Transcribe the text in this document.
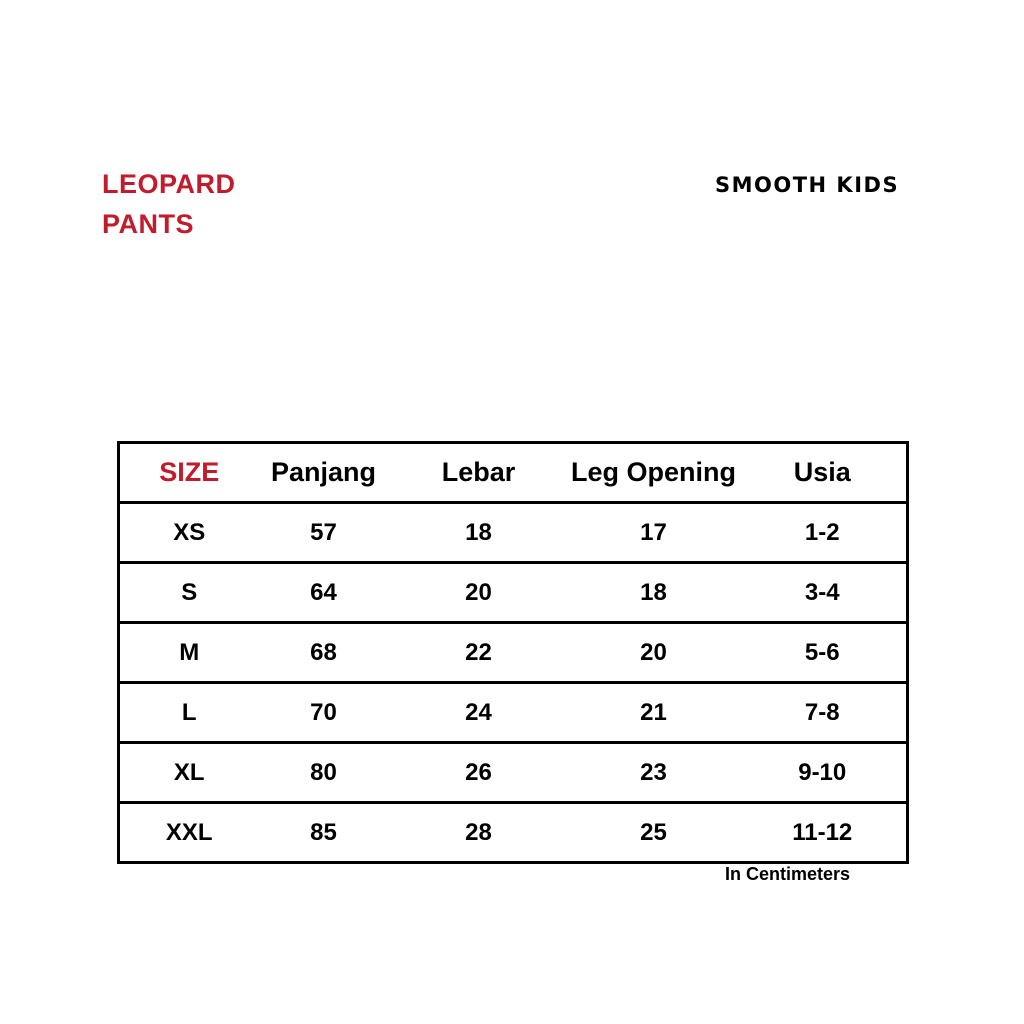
LEOPARD
PANTS
SMOOTH KIDS
SIZE	Panjang	Lebar	Leg Opening	Usia
XS	57	18	17	1-2
S	64	20	18	3-4
M	68	22	20	5-6
L	70	24	21	7-8
XL	80	26	23	9-10
XXL	85	28	25	11-12
In Centimeters
